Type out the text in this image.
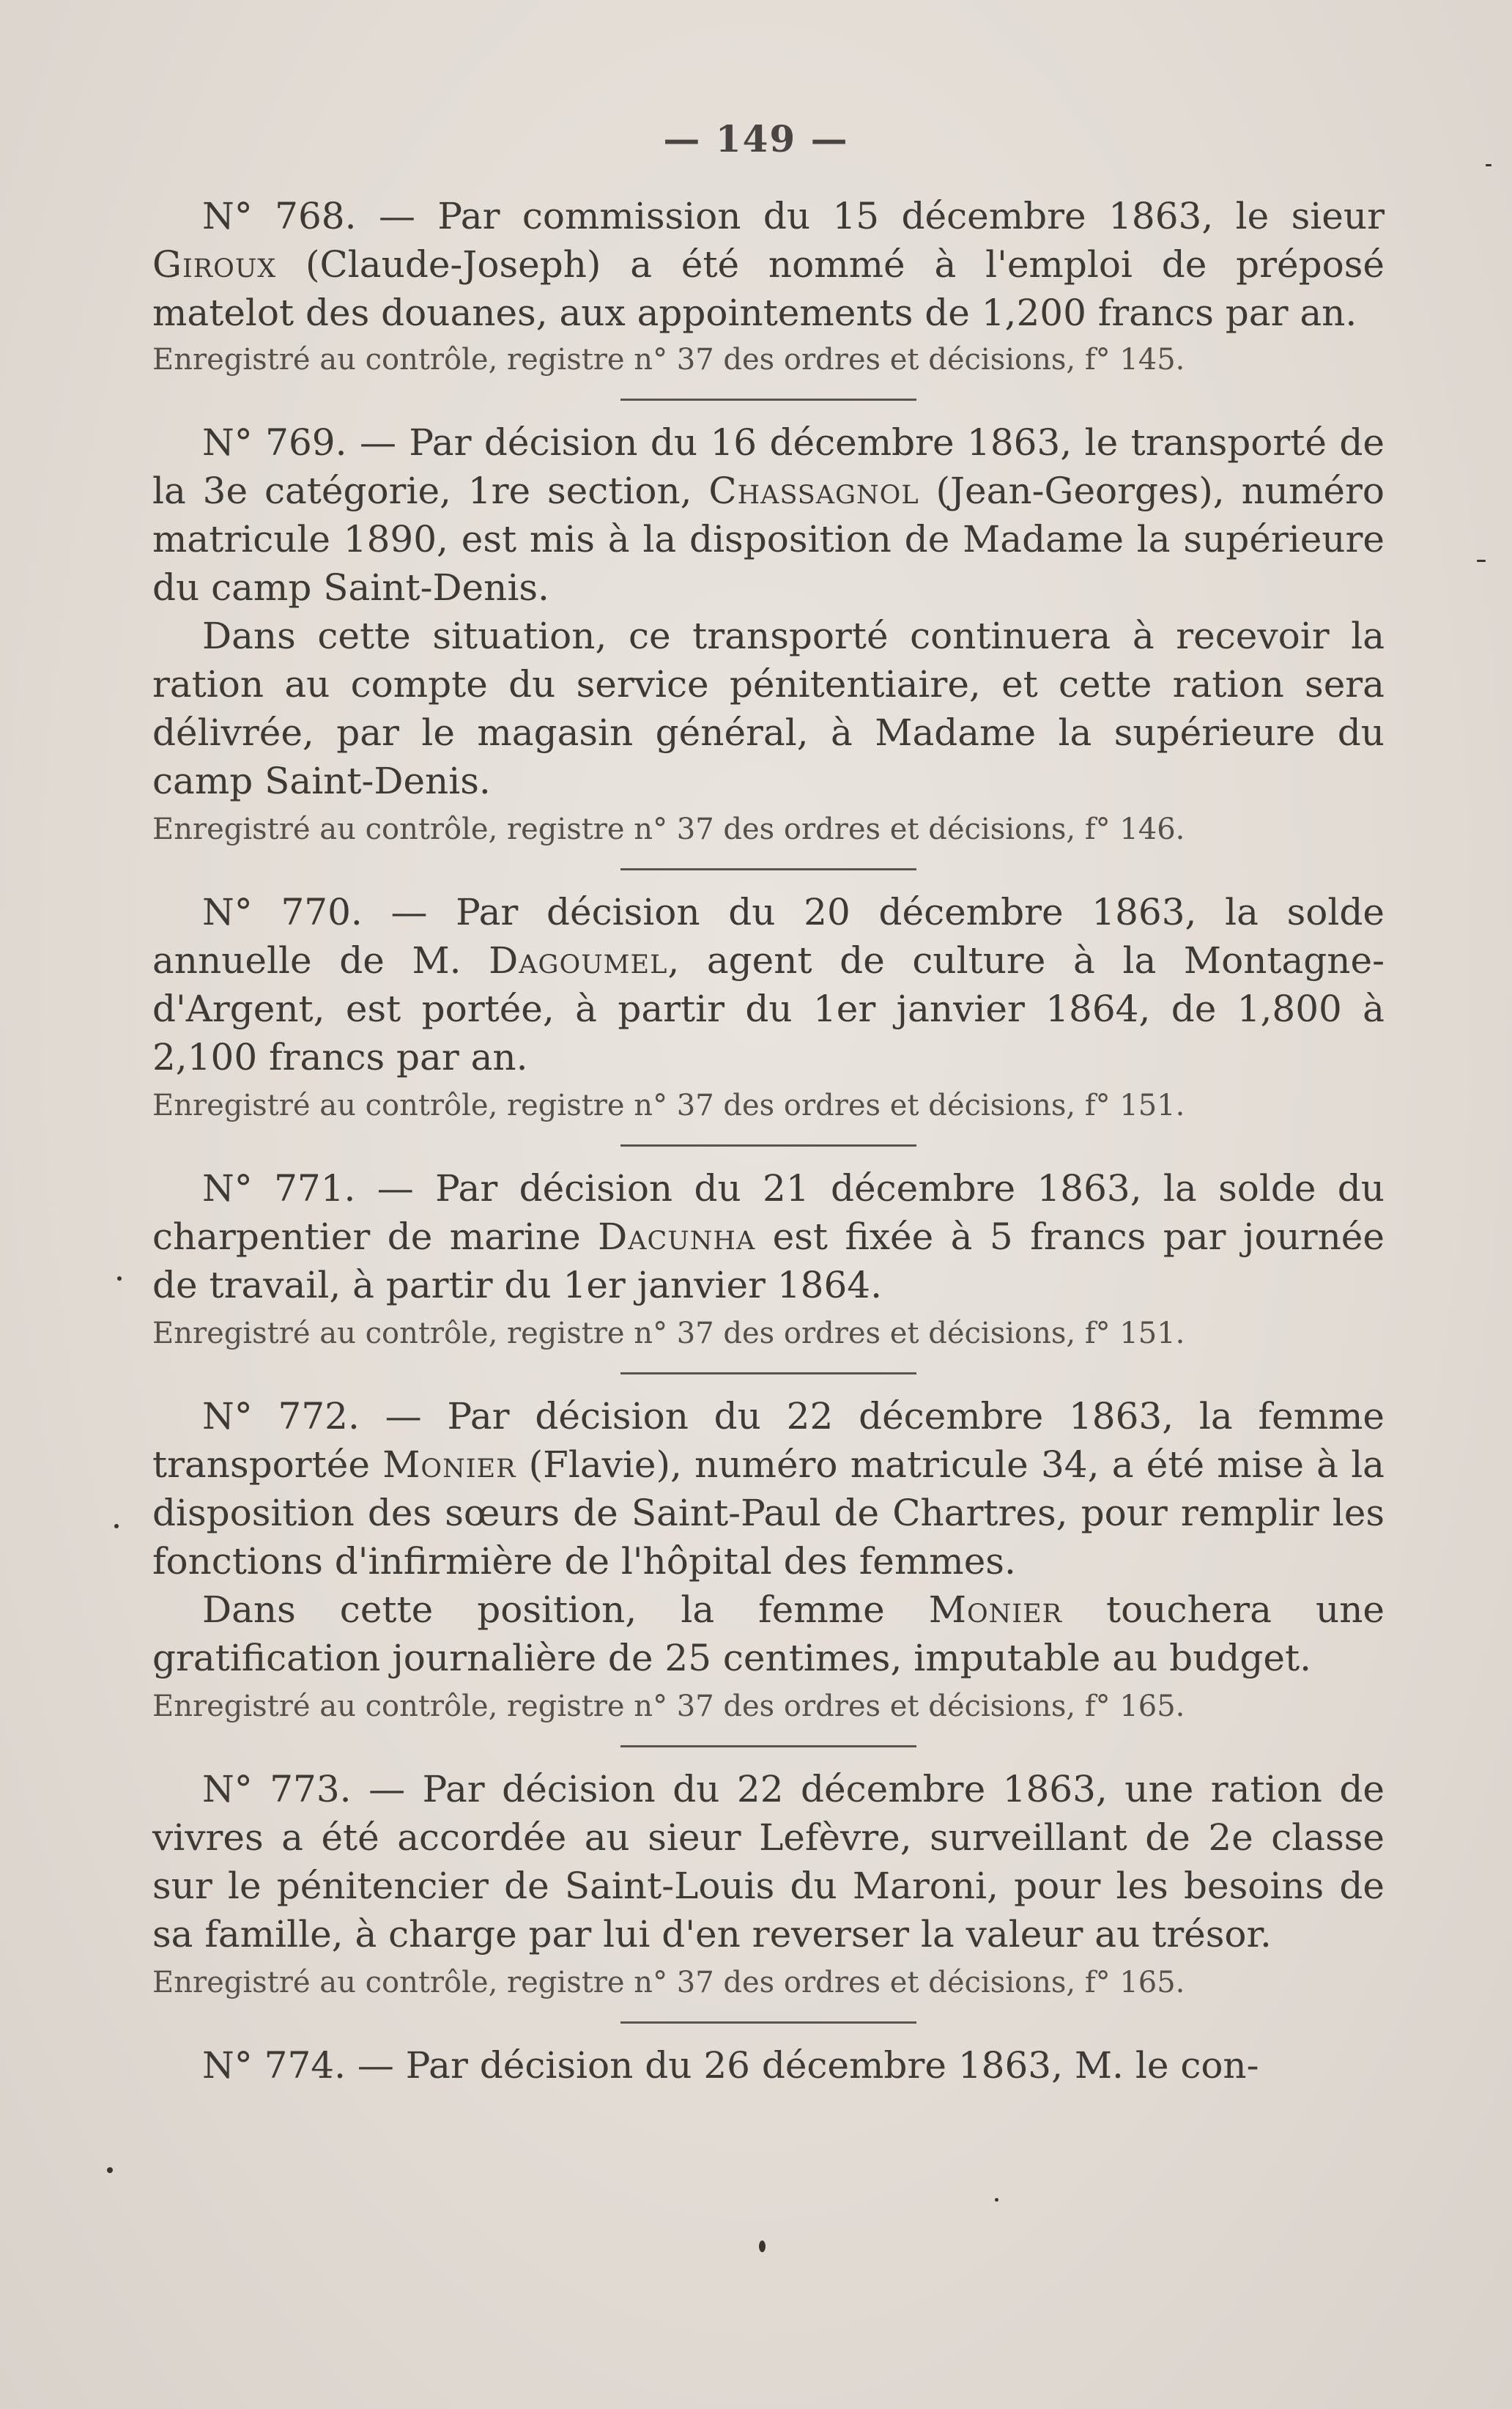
— 149 —

N° 768. — Par commission du 15 décembre 1863, le sieur Giroux (Claude-Joseph) a été nommé à l'emploi de préposé matelot des douanes, aux appointements de 1,200 francs par an.

Enregistré au contrôle, registre n° 37 des ordres et décisions, f° 145.

N° 769. — Par décision du 16 décembre 1863, le transporté de la 3e catégorie, 1re section, Chassagnol (Jean-Georges), numéro matricule 1890, est mis à la disposition de Madame la supérieure du camp Saint-Denis.

Dans cette situation, ce transporté continuera à recevoir la ration au compte du service pénitentiaire, et cette ration sera délivrée, par le magasin général, à Madame la supérieure du camp Saint-Denis.

Enregistré au contrôle, registre n° 37 des ordres et décisions, f° 146.

N° 770. — Par décision du 20 décembre 1863, la solde annuelle de M. Dagoumel, agent de culture à la Montagne-d'Argent, est portée, à partir du 1er janvier 1864, de 1,800 à 2,100 francs par an.

Enregistré au contrôle, registre n° 37 des ordres et décisions, f° 151.

N° 771. — Par décision du 21 décembre 1863, la solde du charpentier de marine Dacunha est fixée à 5 francs par journée de travail, à partir du 1er janvier 1864.

Enregistré au contrôle, registre n° 37 des ordres et décisions, f° 151.

N° 772. — Par décision du 22 décembre 1863, la femme transportée Monier (Flavie), numéro matricule 34, a été mise à la disposition des sœurs de Saint-Paul de Chartres, pour remplir les fonctions d'infirmière de l'hôpital des femmes.

Dans cette position, la femme Monier touchera une gratification journalière de 25 centimes, imputable au budget.

Enregistré au contrôle, registre n° 37 des ordres et décisions, f° 165.

N° 773. — Par décision du 22 décembre 1863, une ration de vivres a été accordée au sieur Lefèvre, surveillant de 2e classe sur le pénitencier de Saint-Louis du Maroni, pour les besoins de sa famille, à charge par lui d'en reverser la valeur au trésor.

Enregistré au contrôle, registre n° 37 des ordres et décisions, f° 165.

N° 774. — Par décision du 26 décembre 1863, M. le con-
